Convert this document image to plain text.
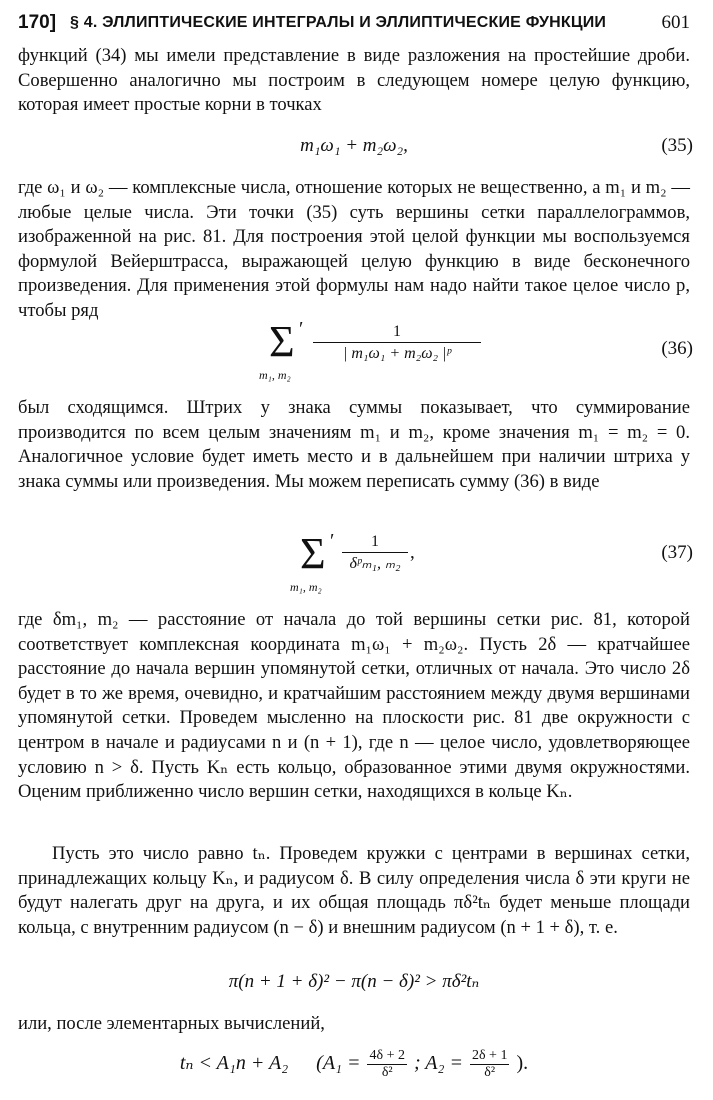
170] § 4. ЭЛЛИПТИЧЕСКИЕ ИНТЕГРАЛЫ И ЭЛЛИПТИЧЕСКИЕ ФУНКЦИИ	601

функций (34) мы имели представление в виде разложения на простейшие дроби. Совершенно аналогично мы построим в следующем номере целую функцию, которая имеет простые корни в точках

m₁ω₁ + m₂ω₂,	(35)

где ω₁ и ω₂ — комплексные числа, отношение которых не вещественно, а m₁ и m₂ — любые целые числа. Эти точки (35) суть вершины сетки параллелограммов, изображенной на рис. 81. Для построения этой целой функции мы воспользуемся формулой Вейерштрасса, выражающей целую функцию в виде бесконечного произведения. Для применения этой формулы нам надо найти такое целое число p, чтобы ряд

Σ ′
m₁, m₂
1
| m₁ω₁ + m₂ω₂ |ᵖ	(36)

был сходящимся. Штрих у знака суммы показывает, что суммирование производится по всем целым значениям m₁ и m₂, кроме значения m₁ = m₂ = 0. Аналогичное условие будет иметь место и в дальнейшем при наличии штриха у знака суммы или произведения. Мы можем переписать сумму (36) в виде

Σ ′
m₁, m₂
1
δᵖₘ₁, ₘ₂
,	(37)

где δm₁, m₂ — расстояние от начала до той вершины сетки рис. 81, которой соответствует комплексная координата m₁ω₁ + m₂ω₂. Пусть 2δ — кратчайшее расстояние до начала вершин упомянутой сетки, отличных от начала. Это число 2δ будет в то же время, очевидно, и кратчайшим расстоянием между двумя вершинами упомянутой сетки. Проведем мысленно на плоскости рис. 81 две окружности с центром в начале и радиусами n и (n + 1), где n — целое число, удовлетворяющее условию n > δ. Пусть Kₙ есть кольцо, образованное этими двумя окружностями. Оценим приближенно число вершин сетки, находящихся в кольце Kₙ.

Пусть это число равно tₙ. Проведем кружки с центрами в вершинах сетки, принадлежащих кольцу Kₙ, и радиусом δ. В силу определения числа δ эти круги не будут налегать друг на друга, и их общая площадь πδ²tₙ будет меньше площади кольца, с внутренним радиусом (n − δ) и внешним радиусом (n + 1 + δ), т. е.

π(n + 1 + δ)² − π(n − δ)² > πδ²tₙ

или, после элементарных вычислений,

tₙ < A₁n + A₂ ($A_1 = \frac{4\delta + 2}{\text{δ²}}$ ; $A_2 = \frac{2\delta + 1}{\text{δ²}}$ ).
